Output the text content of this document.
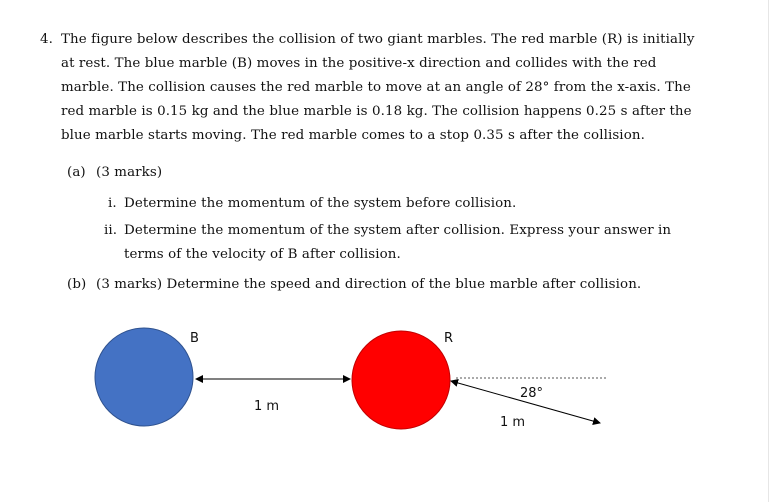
4. The figure below describes the collision of two giant marbles. The red marble (R) is initially
at rest. The blue marble (B) moves in the positive-x direction and collides with the red
marble. The collision causes the red marble to move at an angle of 28° from the x-axis. The
red marble is 0.15 kg and the blue marble is 0.18 kg. The collision happens 0.25 s after the
blue marble starts moving. The red marble comes to a stop 0.35 s after the collision.
(a) (3 marks)
i. Determine the momentum of the system before collision.
ii. Determine the momentum of the system after collision. Express your answer in
terms of the velocity of B after collision.
(b) (3 marks) Determine the speed and direction of the blue marble after collision.
B	R
1 m
28°
1 m
